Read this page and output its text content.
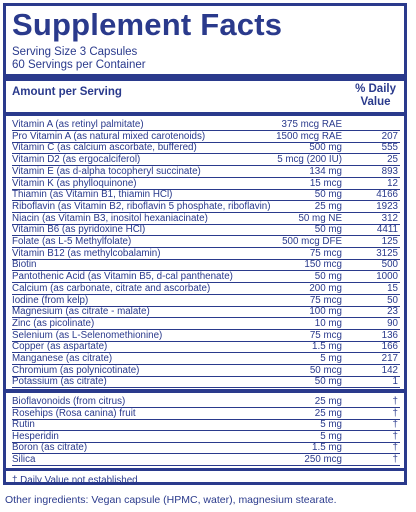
Supplement Facts
Serving Size 3 Capsules
60 Servings per Container
Amount per Serving	% Daily
Value
Vitamin A (as retinyl palmitate)	375 mcg RAE
Pro Vitamin A (as natural mixed carotenoids)	1500 mcg RAE	207
Vitamin C (as calcium ascorbate, buffered)	500 mg	555
Vitamin D2 (as ergocalciferol)	5 mcg (200 IU)	25
Vitamin E (as d-alpha tocopheryl succinate)	134 mg	893
Vitamin K (as phylloquinone)	15 mcg	12
Thiamin (as Vitamin B1, thiamin HCl)	50 mg	4166
Riboflavin (as Vitamin B2, riboflavin 5 phosphate, riboflavin)	25 mg	1923
Niacin (as Vitamin B3, inositol hexaniacinate)	50 mg NE	312
Vitamin B6 (as pyridoxine HCl)	50 mg	4411
Folate (as L-5 Methylfolate)	500 mcg DFE	125
Vitamin B12 (as methylcobalamin)	75 mcg	3125
Biotin	150 mcg	500
Pantothenic Acid (as Vitamin B5, d-cal panthenate)	50 mg	1000
Calcium (as carbonate, citrate and ascorbate)	200 mg	15
Iodine (from kelp)	75 mcg	50
Magnesium (as citrate - malate)	100 mg	23
Zinc (as picolinate)	10 mg	90
Selenium (as L-Selenomethionine)	75 mcg	136
Copper (as aspartate)	1.5 mg	166
Manganese (as citrate)	5 mg	217
Chromium (as polynicotinate)	50 mcg	142
Potassium (as citrate)	50 mg	1
Bioflavonoids (from citrus)	25 mg	†
Rosehips (Rosa canina) fruit	25 mg	†
Rutin	5 mg	†
Hesperidin	5 mg	†
Boron (as citrate)	1.5 mg	†
Silica	250 mcg	†
† Daily Value not established
Other ingredients: Vegan capsule (HPMC, water), magnesium stearate.
